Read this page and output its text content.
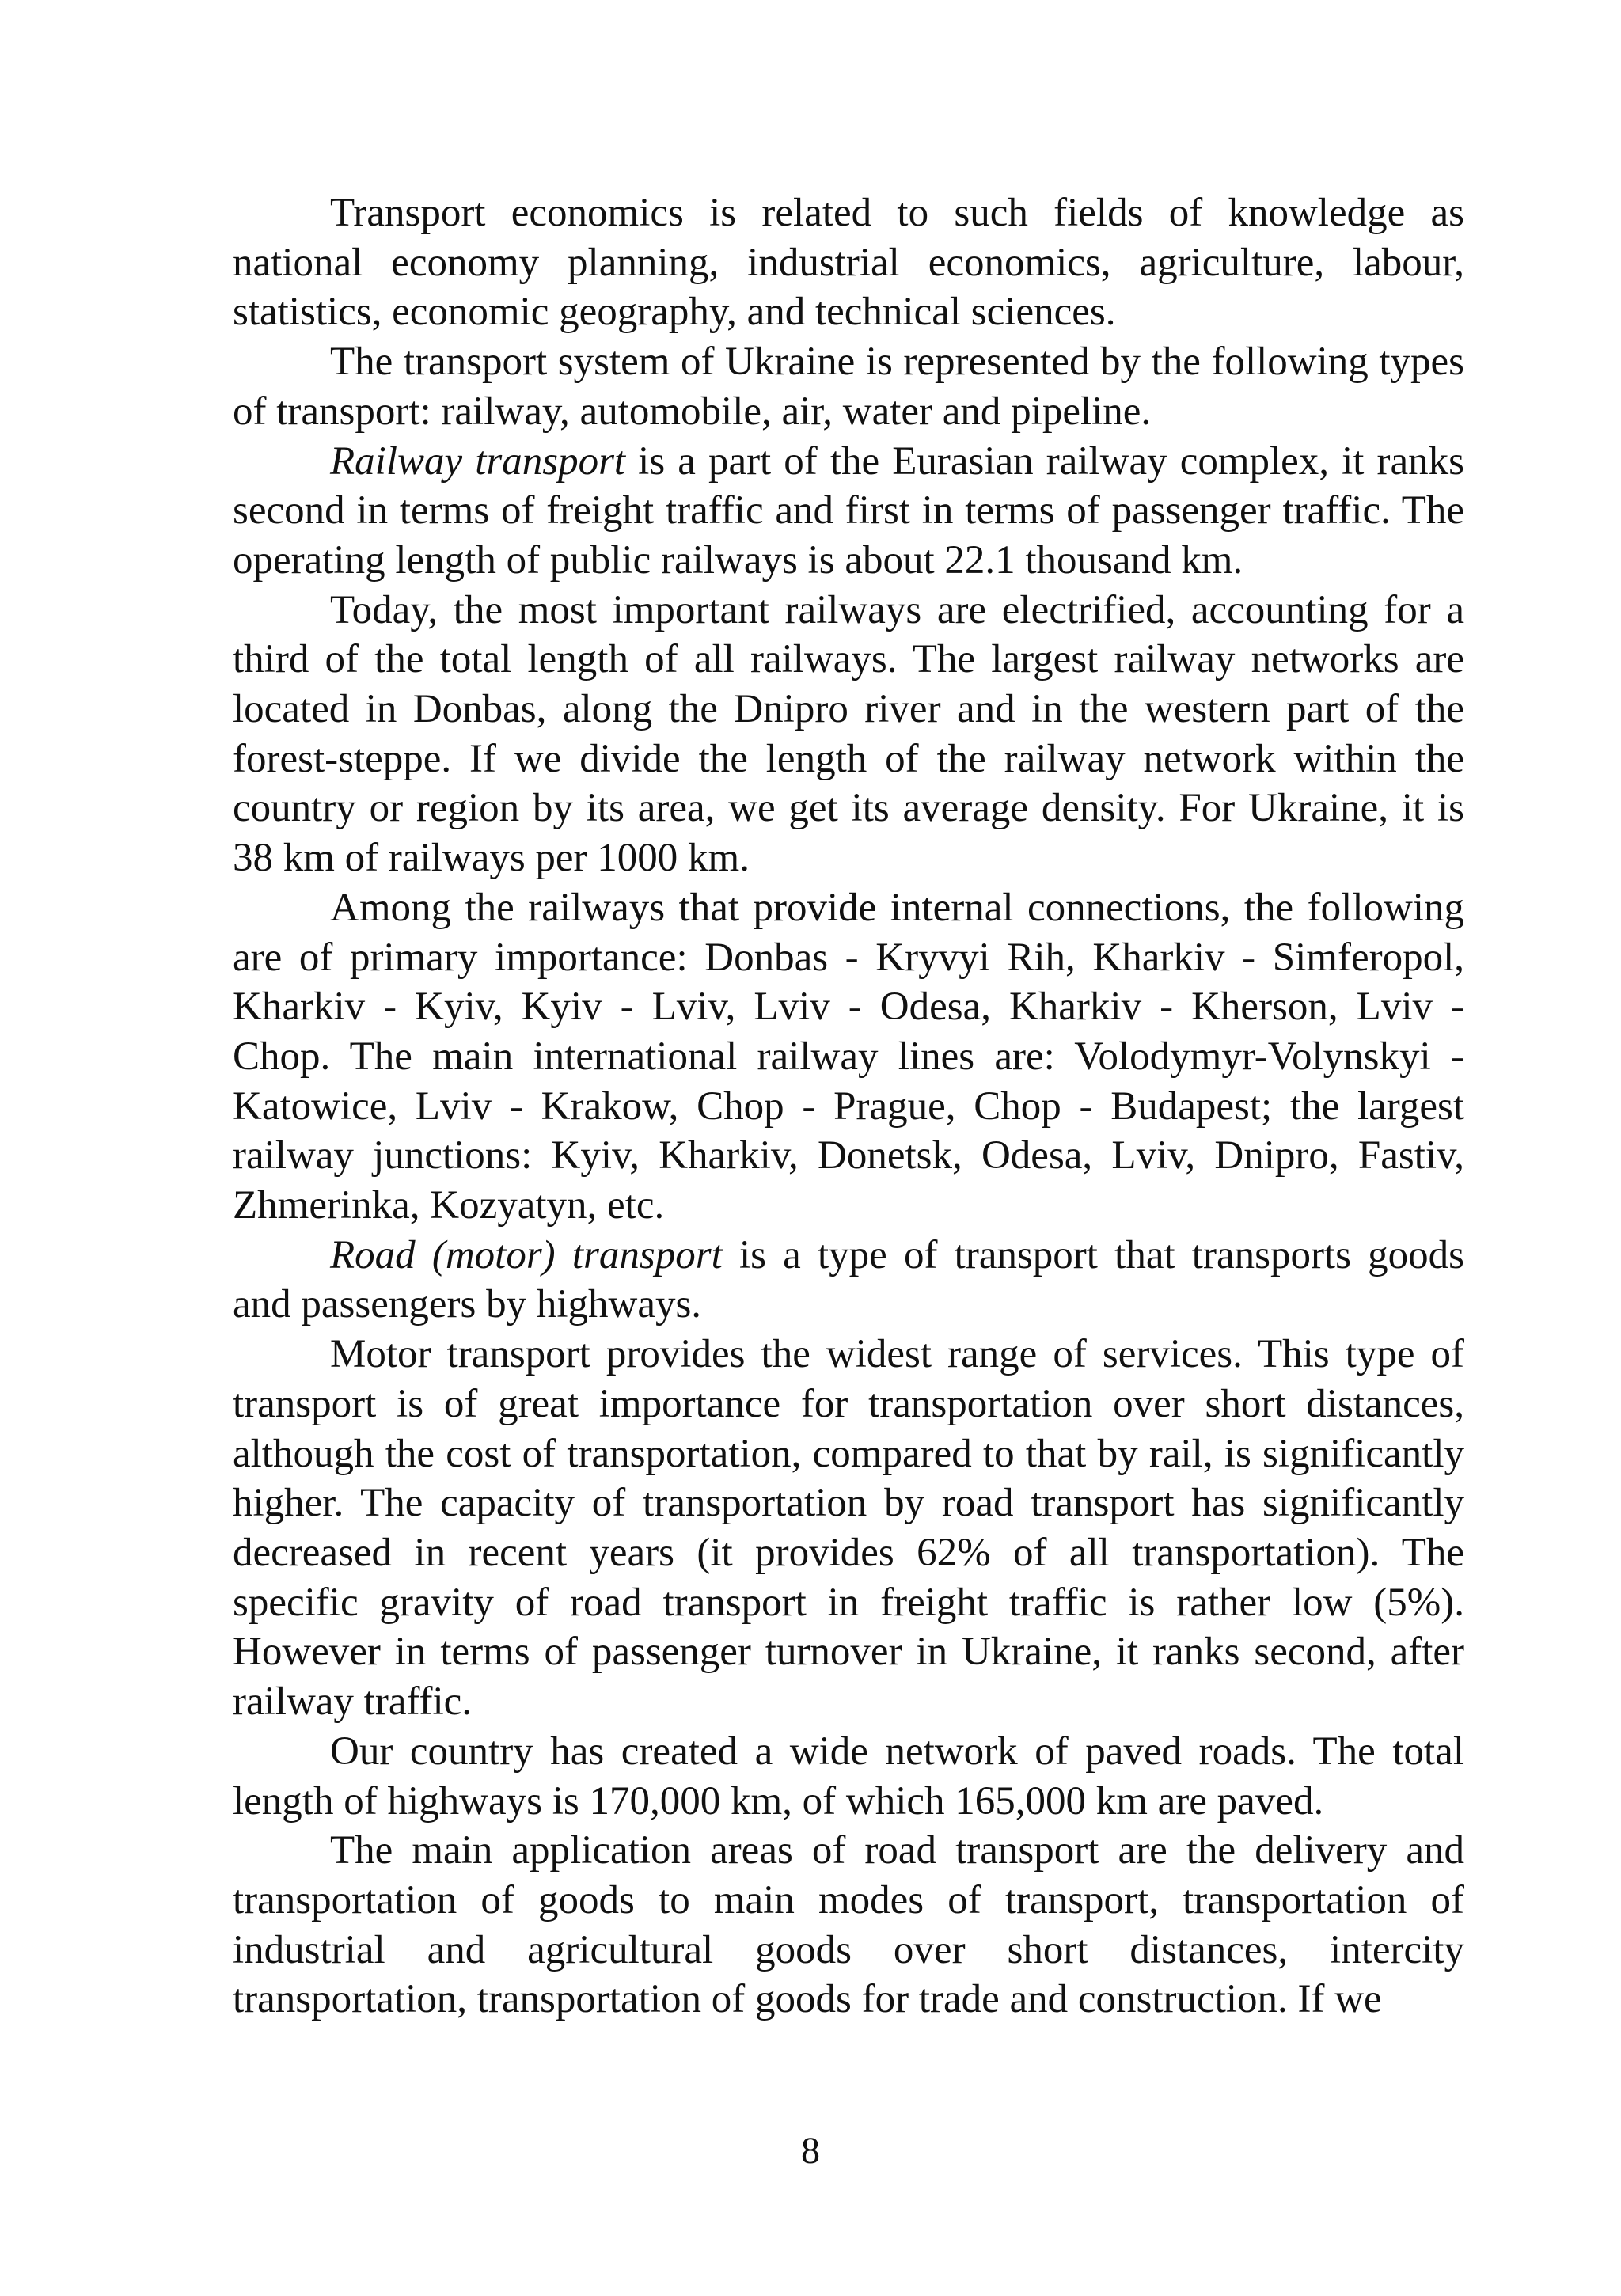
Transport economics is related to such fields of knowledge as national economy planning, industrial economics, agriculture, labour, statistics, economic geography, and technical sciences.

The transport system of Ukraine is represented by the following types of transport: railway, automobile, air, water and pipeline.

Railway transport is a part of the Eurasian railway complex, it ranks second in terms of freight traffic and first in terms of passenger traffic. The operating length of public railways is about 22.1 thousand km.

Today, the most important railways are electrified, accounting for a third of the total length of all railways. The largest railway networks are located in Donbas, along the Dnipro river and in the western part of the forest-steppe. If we divide the length of the railway network within the country or region by its area, we get its average density. For Ukraine, it is 38 km of railways per 1000 km.

Among the railways that provide internal connections, the following are of primary importance: Donbas - Kryvyi Rih, Kharkiv - Simferopol, Kharkiv - Kyiv, Kyiv - Lviv, Lviv - Odesa, Kharkiv - Kherson, Lviv - Chop. The main international railway lines are: Volodymyr-Volynskyi - Katowice, Lviv - Krakow, Chop - Prague, Chop - Budapest; the largest railway junctions: Kyiv, Kharkiv, Donetsk, Odesa, Lviv, Dnipro, Fastiv, Zhmerinka, Kozyatyn, etc.

Road (motor) transport is a type of transport that transports goods and passengers by highways.

Motor transport provides the widest range of services. This type of transport is of great importance for transportation over short distances, although the cost of transportation, compared to that by rail, is significantly higher. The capacity of transportation by road transport has significantly decreased in recent years (it provides 62% of all transportation). The specific gravity of road transport in freight traffic is rather low (5%). However in terms of passenger turnover in Ukraine, it ranks second, after railway traffic.

Our country has created a wide network of paved roads. The total length of highways is 170,000 km, of which 165,000 km are paved.

The main application areas of road transport are the delivery and transportation of goods to main modes of transport, transportation of industrial and agricultural goods over short distances, intercity transportation, transportation of goods for trade and construction. If we

8
